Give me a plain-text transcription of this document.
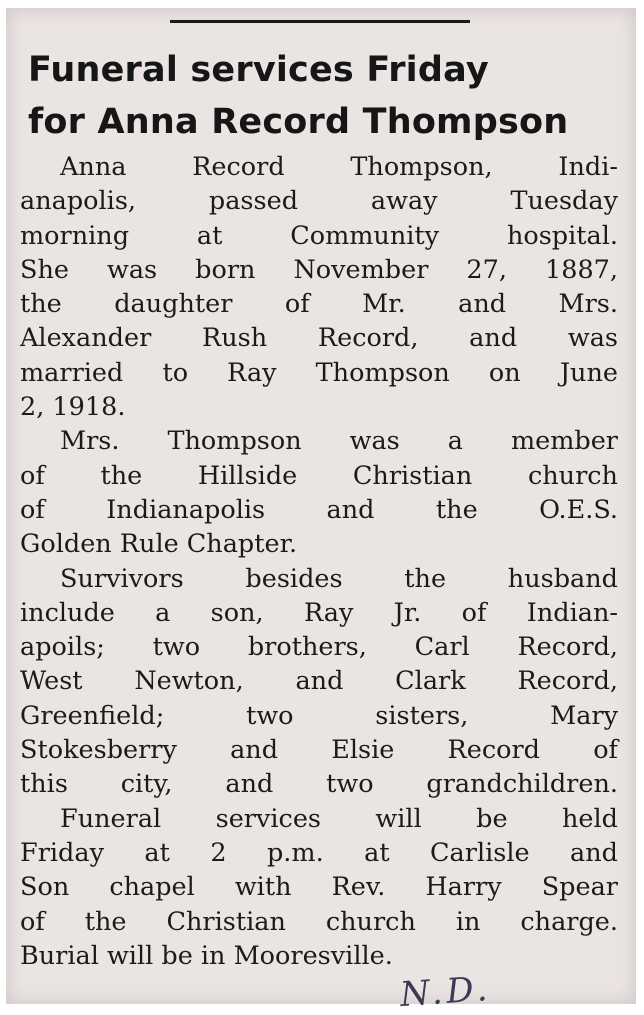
Funeral services Friday
for Anna Record Thompson
Anna Record Thompson, Indi-
anapolis, passed away Tuesday
morning at Community hospital.
She was born November 27, 1887,
the daughter of Mr. and Mrs.
Alexander Rush Record, and was
married to Ray Thompson on June
2, 1918.
Mrs. Thompson was a member
of the Hillside Christian church
of Indianapolis and the O.E.S.
Golden Rule Chapter.
Survivors besides the husband
include a son, Ray Jr. of Indian-
apoils; two brothers, Carl Record,
West Newton, and Clark Record,
Greenfield; two sisters, Mary
Stokesberry and Elsie Record of
this city, and two grandchildren.
Funeral services will be held
Friday at 2 p.m. at Carlisle and
Son chapel with Rev. Harry Spear
of the Christian church in charge.
Burial will be in Mooresville.
N.D.
